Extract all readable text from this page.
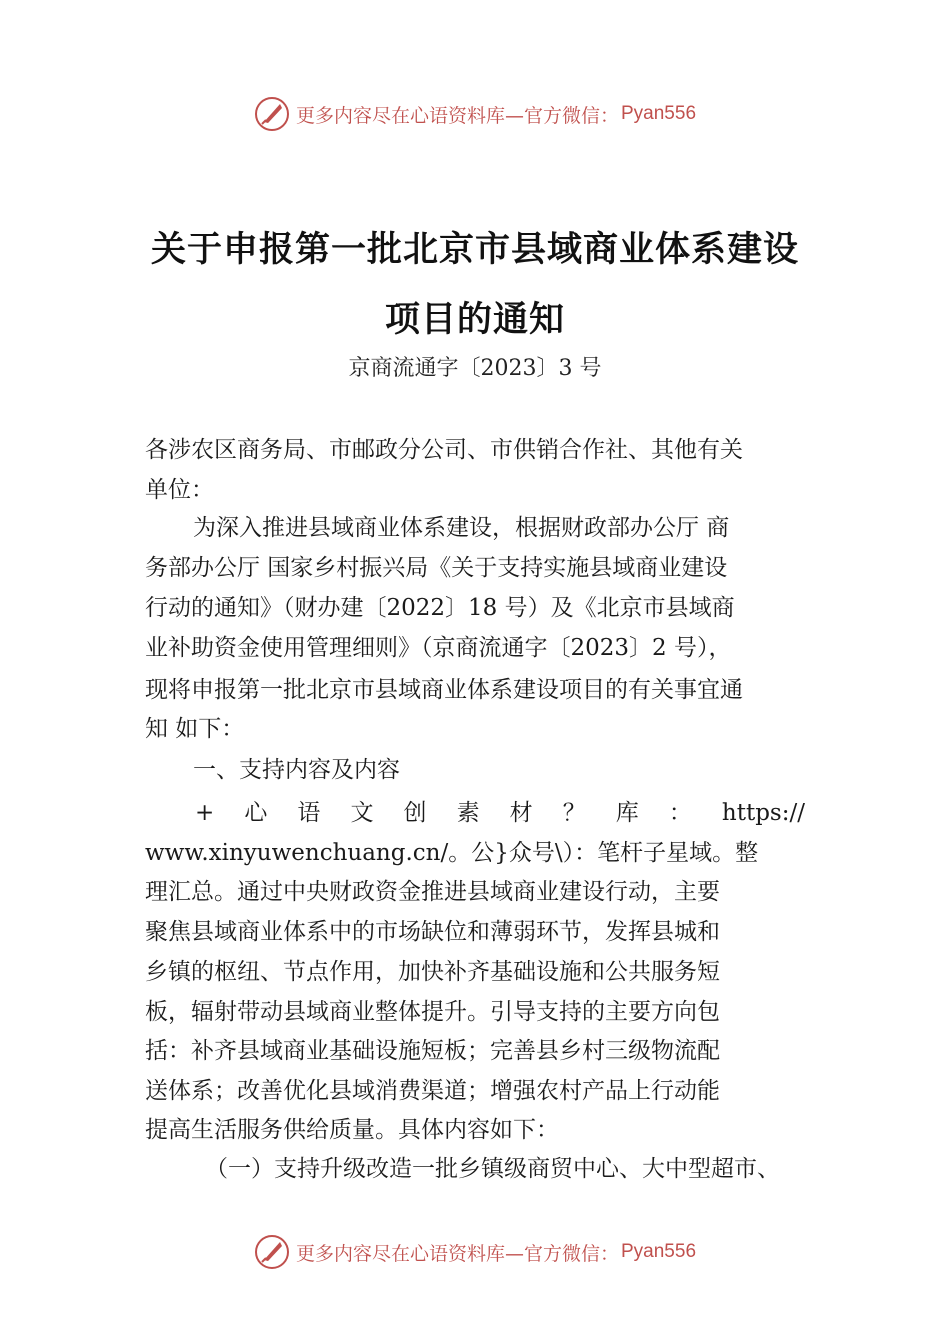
更多内容尽在心语资料库—官方微信： Pyan556
关于申报第一批北京市县域商业体系建设
项目的通知
京商流通字〔2023〕3 号
各涉农区商务局、市邮政分公司、市供销合作社、其他有关
单位：
为深入推进县域商业体系建设，根据财政部办公厅 商
务部办公厅 国家乡村振兴局《关于支持实施县域商业建设
行动的通知》（财办建〔2022〕18 号）及《北京市县域商
业补助资金使用管理细则》（京商流通字〔2023〕2 号），
现将申报第一批北京市县域商业体系建设项目的有关事宜通
知 如下：
一、支持内容及内容
+ 心 语 文 创 素 材 ？ 库 ： https://
www.xinyuwenchuang.cn/。公}众号\）：笔杆子星域。整
理汇总。通过中央财政资金推进县域商业建设行动，主要
聚焦县域商业体系中的市场缺位和薄弱环节，发挥县城和
乡镇的枢纽、节点作用，加快补齐基础设施和公共服务短
板，辐射带动县域商业整体提升。引导支持的主要方向包
括：补齐县域商业基础设施短板；完善县乡村三级物流配
送体系；改善优化县域消费渠道；增强农村产品上行动能
提高生活服务供给质量。具体内容如下：
（一）支持升级改造一批乡镇级商贸中心、大中型超市、
更多内容尽在心语资料库—官方微信： Pyan556
